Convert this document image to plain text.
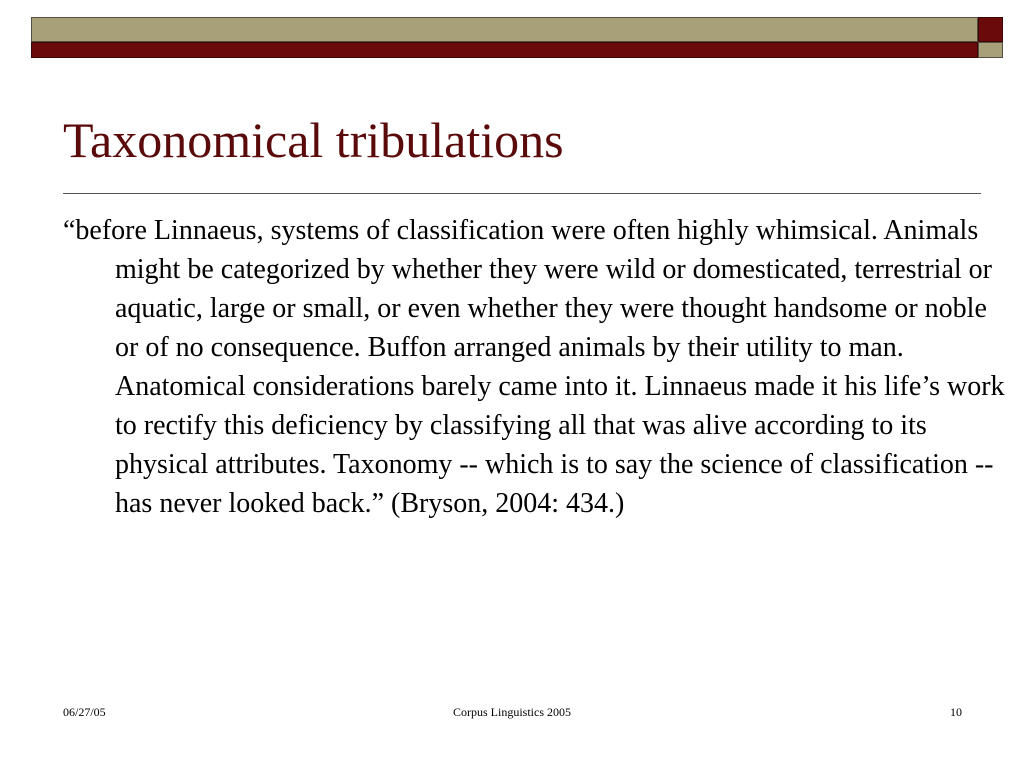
Taxonomical tribulations

“before Linnaeus, systems of classification were often highly whimsical. Animals might be categorized by whether they were wild or domesticated, terrestrial or aquatic, large or small, or even whether they were thought handsome or noble or of no consequence. Buffon arranged animals by their utility to man. Anatomical considerations barely came into it. Linnaeus made it his life’s work to rectify this deficiency by classifying all that was alive according to its physical attributes. Taxonomy -- which is to say the science of classification -- has never looked back.” (Bryson, 2004: 434.)

06/27/05	Corpus Linguistics 2005	10
